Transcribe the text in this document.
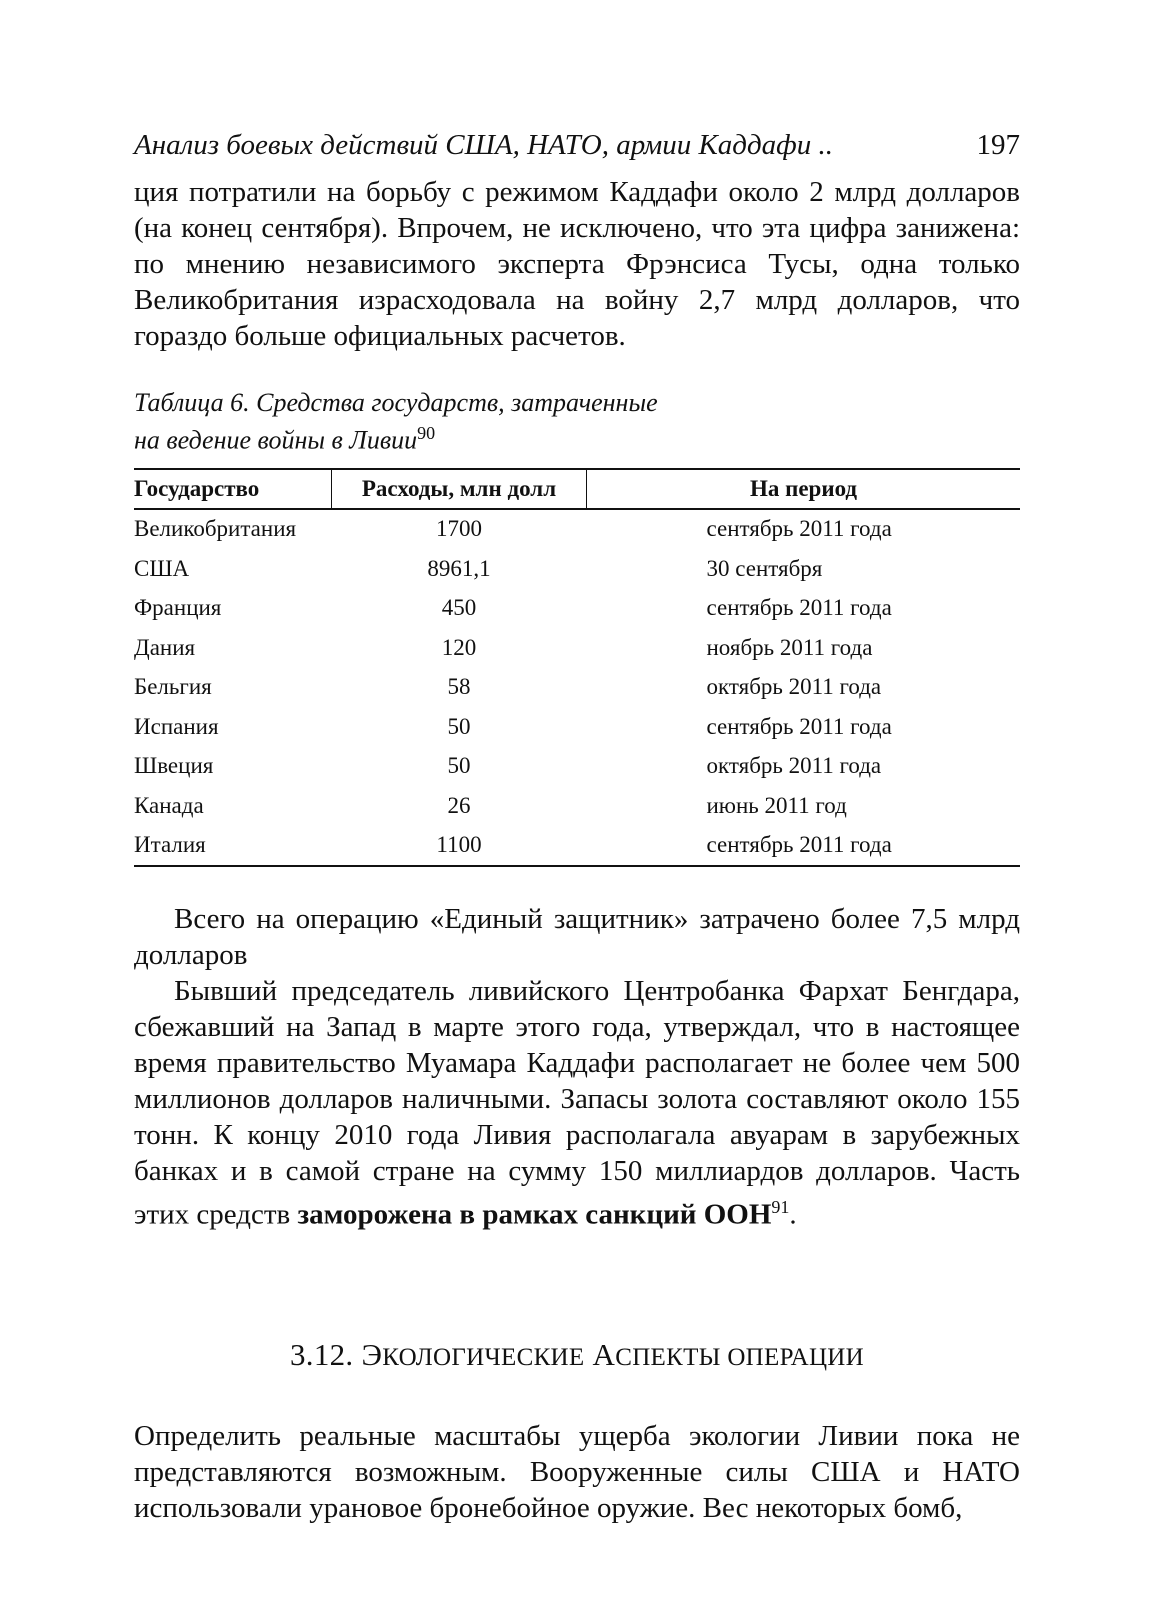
Анализ боевых действий США, НАТО, армии Каддафи ..	197

ция потратили на борьбу с режимом Каддафи около 2 млрд долларов (на конец сентября). Впрочем, не исключено, что эта цифра занижена: по мнению независимого эксперта Фрэнсиса Тусы, одна только Великобритания израсходовала на войну 2,7 млрд долларов, что гораздо больше официальных расчетов.

Таблица 6. Средства государств, затраченные
на ведение войны в Ливии$^{90}$
Государство	Расходы, млн долл	На период
Великобритания	1700	сентябрь 2011 года
США	8961,1	30 сентября
Франция	450	сентябрь 2011 года
Дания	120	ноябрь 2011 года
Бельгия	58	октябрь 2011 года
Испания	50	сентябрь 2011 года
Швеция	50	октябрь 2011 года
Канада	26	июнь 2011 год
Италия	1100	сентябрь 2011 года

Всего на операцию «Единый защитник» затрачено более 7,5 млрд долларов

Бывший председатель ливийского Центробанка Фархат Бенгдара, сбежавший на Запад в марте этого года, утверждал, что в настоящее время правительство Муамара Каддафи располагает не более чем 500 миллионов долларов наличными. Запасы золота составляют около 155 тонн. К концу 2010 года Ливия располагала авуарам в зарубежных банках и в самой стране на сумму 150 миллиардов долларов. Часть этих средств заморожена в рамках санкций ООН$^{91}$.

3.12. ЭКОЛОГИЧЕСКИЕ АСПЕКТЫ ОПЕРАЦИИ

Определить реальные масштабы ущерба экологии Ливии пока не представляются возможным. Вооруженные силы США и НАТО использовали урановое бронебойное оружие. Вес некоторых бомб,
